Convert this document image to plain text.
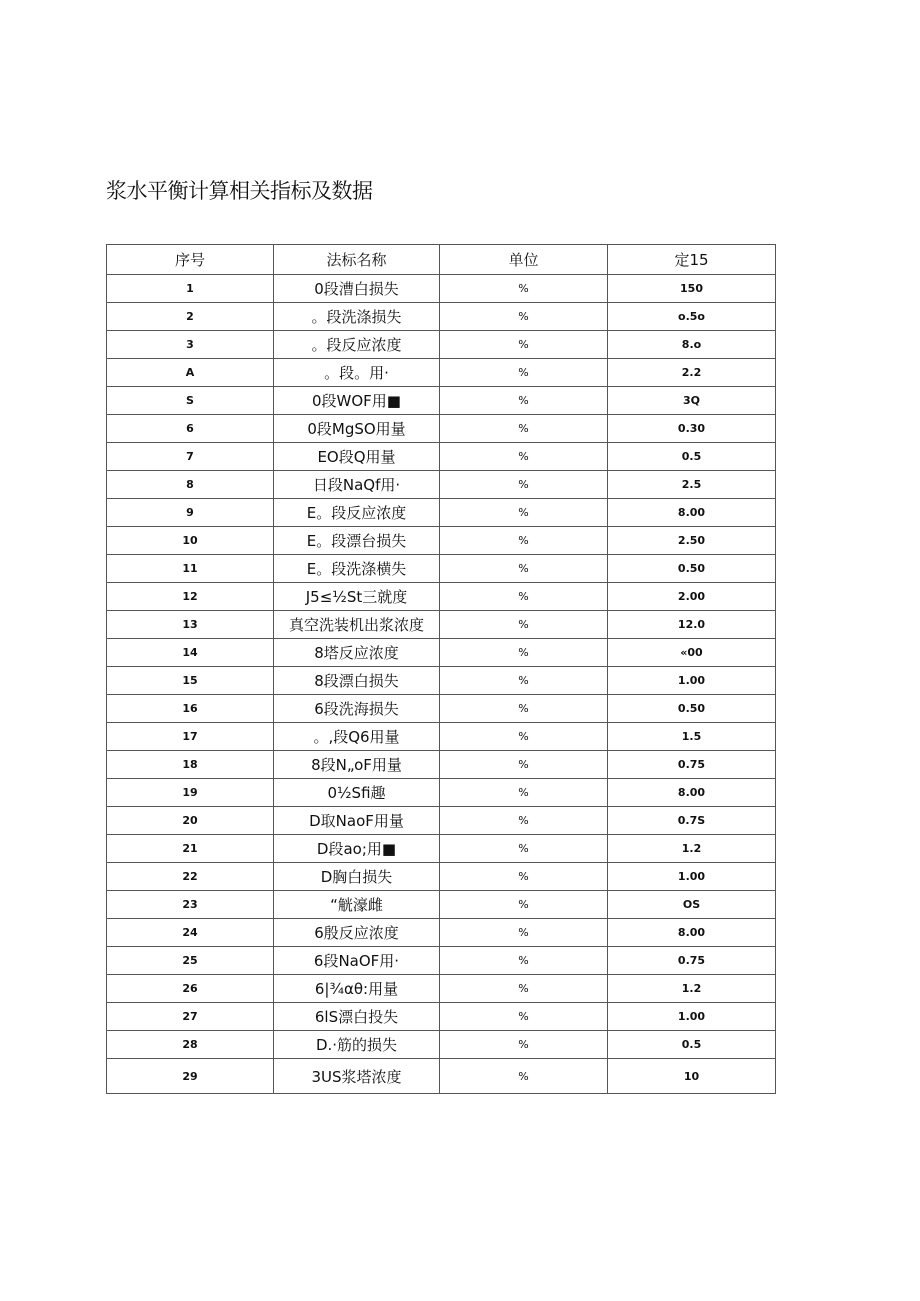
浆水平衡计算相关指标及数据
序号	法标名称	单位	定15
1	0段漕白损失	%	150
2	。段洗涤损失	%	o.5o
3	。段反应浓度	%	8.o
A	。段。用·	%	2.2
S	0段WOF用■	%	3Q
6	0段MgSO用量	%	0.30
7	EO段Q用量	%	0.5
8	日段NaQf用·	%	2.5
9	E。段反应浓度	%	8.00
10	E。段漂台损失	%	2.50
11	E。段洗涤横失	%	0.50
12	J5≤½St三就度	%	2.00
13	真空洗装机出浆浓度	%	12.0
14	8塔反应浓度	%	«00
15	8段漂白损失	%	1.00
16	6段洗海损失	%	0.50
17	。,段Q6用量	%	1.5
18	8段N„oF用量	%	0.75
19	0½Sfi趣	%	8.00
20	D取NaoF用量	%	0.7S
21	D段ao;用■	%	1.2
22	D胸白损失	%	1.00
23	“觥濠雌	%	OS
24	6殷反应浓度	%	8.00
25	6段NaOF用·	%	0.75
26	6|¾αθ:用量	%	1.2
27	6lS漂白投失	%	1.00
28	D.·筋的损失	%	0.5
29	3US浆塔浓度	%	10
